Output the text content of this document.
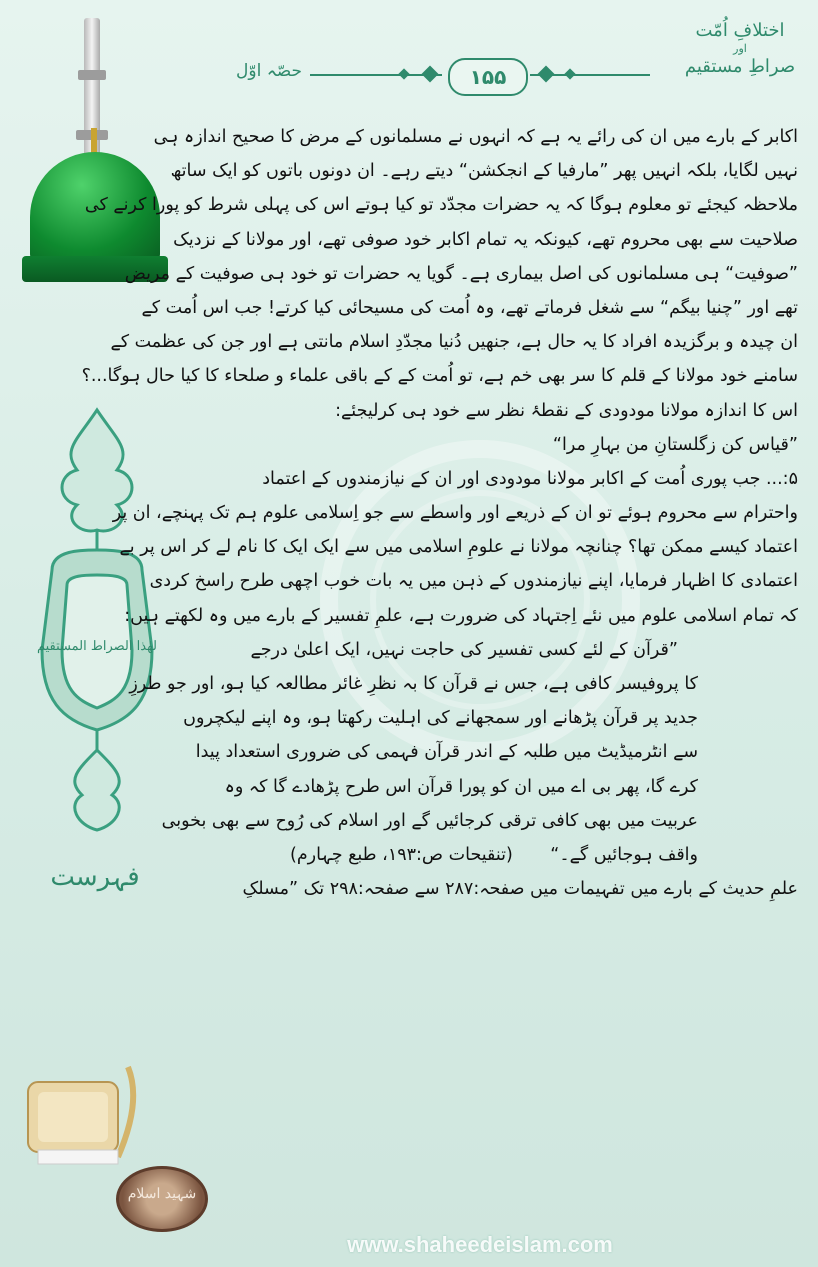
اختلافِ اُمّت
اور
صراطِ مستقیم
۱۵۵
حصّہ اوّل
لھٰذا الصراط المستقیم
فہرست
شہید اسلام
اکابر کے بارے میں ان کی رائے یہ ہے کہ انہوں نے مسلمانوں کے مرض کا صحیح اندازہ ہی
نہیں لگایا، بلکہ انہیں پھر ”مارفیا کے انجکشن“ دیتے رہے۔ ان دونوں باتوں کو ایک ساتھ
ملاحظہ کیجئے تو معلوم ہوگا کہ یہ حضرات مجدّد تو کیا ہوتے اس کی پہلی شرط کو پورا کرنے کی
صلاحیت سے بھی محروم تھے، کیونکہ یہ تمام اکابر خود صوفی تھے، اور مولانا کے نزدیک
”صوفیت“ ہی مسلمانوں کی اصل بیماری ہے۔ گویا یہ حضرات تو خود ہی صوفیت کے مریض
تھے اور ”چنیا بیگم“ سے شغل فرماتے تھے، وہ اُمت کی مسیحائی کیا کرتے! جب اس اُمت کے
ان چیدہ و برگزیدہ افراد کا یہ حال ہے، جنھیں دُنیا مجدّدِ اسلام مانتی ہے اور جن کی عظمت کے
سامنے خود مولانا کے قلم کا سر بھی خم ہے، تو اُمت کے کے باقی علماء و صلحاء کا کیا حال ہوگا...؟
اس کا اندازہ مولانا مودودی کے نقطۂ نظر سے خود ہی کرلیجئے:
”قیاس کن زگلستانِ من بہارِ مرا“
۵:... جب پوری اُمت کے اکابر مولانا مودودی اور ان کے نیازمندوں کے اعتماد
واحترام سے محروم ہوئے تو ان کے ذریعے اور واسطے سے جو اِسلامی علوم ہم تک پہنچے، ان پر
اعتماد کیسے ممکن تھا؟ چنانچہ مولانا نے علومِ اسلامی میں سے ایک ایک کا نام لے کر اس پر بے
اعتمادی کا اظہار فرمایا، اپنے نیازمندوں کے ذہن میں یہ بات خوب اچھی طرح راسخ کردی
کہ تمام اسلامی علوم میں نئے اِجتہاد کی ضرورت ہے، علمِ تفسیر کے بارے میں وہ لکھتے ہیں:
”قرآن کے لئے کسی تفسیر کی حاجت نہیں، ایک اعلیٰ درجے
کا پروفیسر کافی ہے، جس نے قرآن کا بہ نظرِ غائر مطالعہ کیا ہو، اور جو طرزِ
جدید پر قرآن پڑھانے اور سمجھانے کی اہلیت رکھتا ہو، وہ اپنے لیکچروں
سے انٹرمیڈیٹ میں طلبہ کے اندر قرآن فہمی کی ضروری استعداد پیدا
کرے گا، پھر بی اے میں ان کو پورا قرآن اس طرح پڑھادے گا کہ وہ
عربیت میں بھی کافی ترقی کرجائیں گے اور اسلام کی رُوح سے بھی بخوبی
واقف ہوجائیں گے۔“
(تنقیحات ص:۱۹۳، طبع چہارم)
علمِ حدیث کے بارے میں تفہیمات میں صفحہ:۲۸۷ سے صفحہ:۲۹۸ تک ”مسلکِ
www.shaheedeislam.com
